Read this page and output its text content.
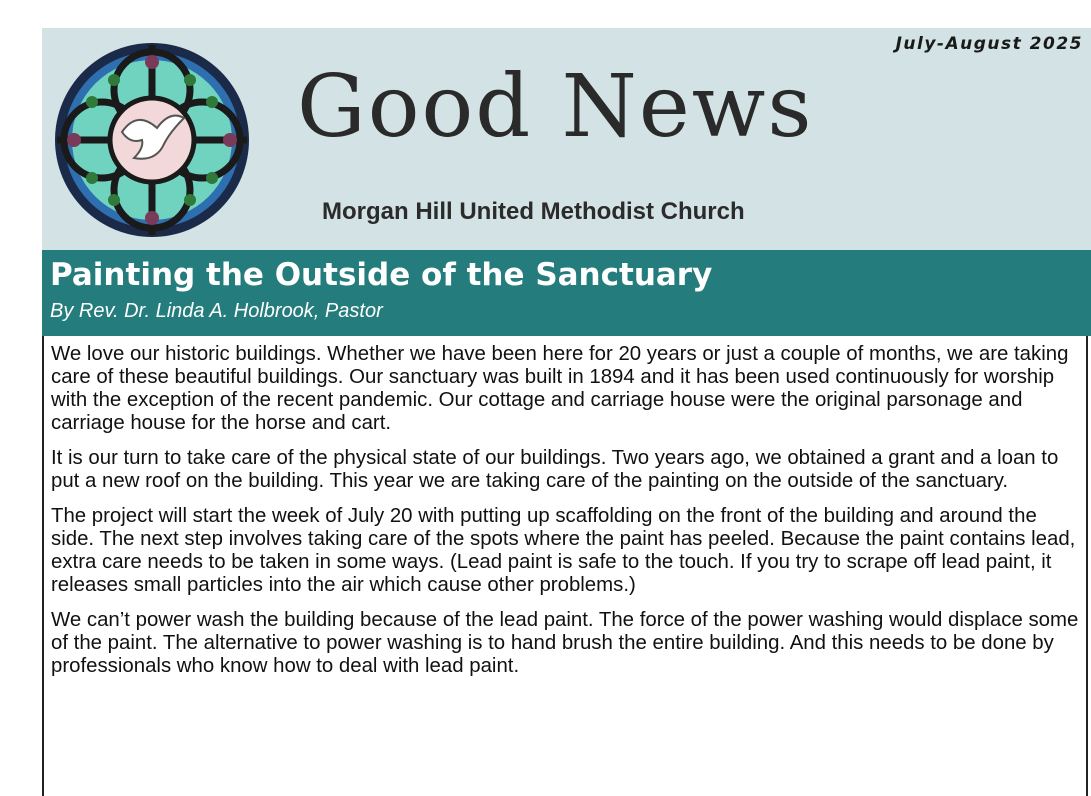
July-August 2025
Good News
Morgan Hill United Methodist Church
Painting the Outside of the Sanctuary
By Rev. Dr. Linda A. Holbrook, Pastor

We love our historic buildings. Whether we have been here for 20 years or just a couple of months, we are taking care of these beautiful buildings. Our sanctuary was built in 1894 and it has been used continuously for worship with the exception of the recent pandemic. Our cottage and carriage house were the original parsonage and carriage house for the horse and cart.

It is our turn to take care of the physical state of our buildings. Two years ago, we obtained a grant and a loan to put a new roof on the building. This year we are taking care of the painting on the outside of the sanctuary.

The project will start the week of July 20 with putting up scaffolding on the front of the building and around the side. The next step involves taking care of the spots where the paint has peeled. Because the paint contains lead, extra care needs to be taken in some ways. (Lead paint is safe to the touch. If you try to scrape off lead paint, it releases small particles into the air which cause other problems.)

We can’t power wash the building because of the lead paint. The force of the power washing would displace some of the paint. The alternative to power washing is to hand brush the entire building. And this needs to be done by professionals who know how to deal with lead paint.
